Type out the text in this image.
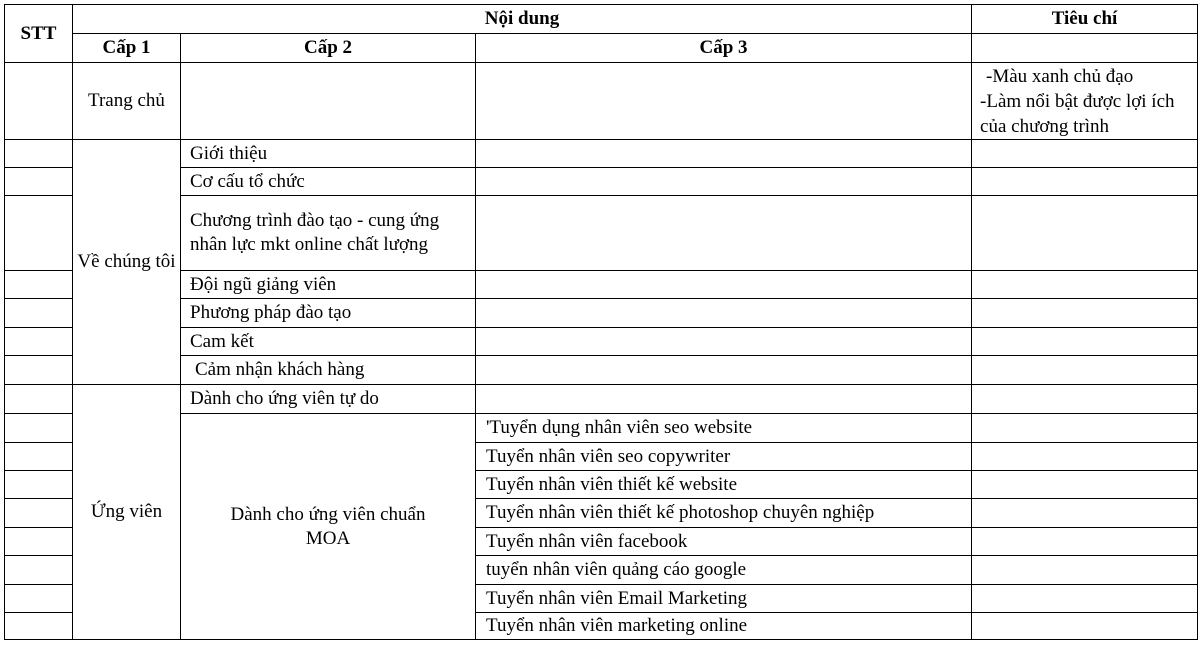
STT	Nội dung			Tiêu chí
	Cấp 1	Cấp 2	Cấp 3	
	Trang chủ			-Màu xanh chủ đạo
-Làm nổi bật được lợi ích của chương trình

	Về chúng tôi	Giới thiệu		
		Cơ cấu tổ chức		
		Chương trình đào tạo - cung ứng nhân lực mkt online chất lượng		
		Đội ngũ giảng viên		
		Phương pháp đào tạo		
		Cam kết		
		Cảm nhận khách hàng		
	Ứng viên	Dành cho ứng viên tự do		
		Dành cho ứng viên chuẩn MOA	'Tuyển dụng nhân viên seo website	
			Tuyển nhân viên seo copywriter	
			Tuyển nhân viên thiết kế website	
			Tuyển nhân viên thiết kế photoshop chuyên nghiệp	
			Tuyển nhân viên facebook	
			tuyển nhân viên quảng cáo google	
			Tuyển nhân viên Email Marketing	
			Tuyển nhân viên marketing online	
